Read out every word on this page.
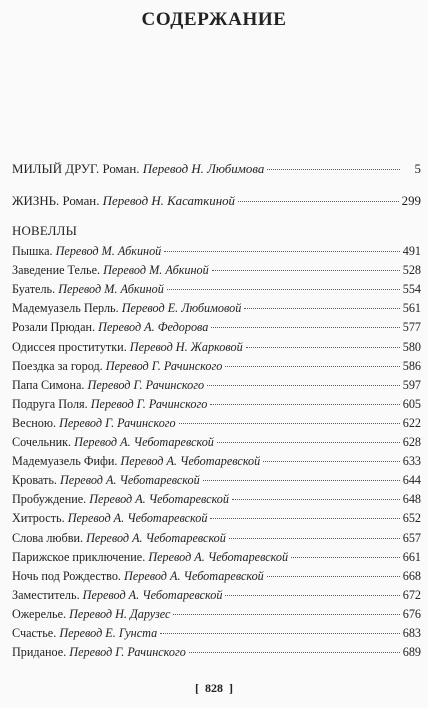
СОДЕРЖАНИЕ
МИЛЫЙ ДРУГ. Роман. Перевод Н. Любимова	5
ЖИЗНЬ. Роман. Перевод Н. Касаткиной	299
НОВЕЛЛЫ
Пышка. Перевод М. Абкиной	491
Заведение Телье. Перевод М. Абкиной	528
Буатель. Перевод М. Абкиной	554
Мадемуазель Перль. Перевод Е. Любимовой	561
Розали Прюдан. Перевод А. Федорова	577
Одиссея проститутки. Перевод Н. Жарковой	580
Поездка за город. Перевод Г. Рачинского	586
Папа Симона. Перевод Г. Рачинского	597
Подруга Поля. Перевод Г. Рачинского	605
Весною. Перевод Г. Рачинского	622
Сочельник. Перевод А. Чеботаревской	628
Мадемуазель Фифи. Перевод А. Чеботаревской	633
Кровать. Перевод А. Чеботаревской	644
Пробуждение. Перевод А. Чеботаревской	648
Хитрость. Перевод А. Чеботаревской	652
Слова любви. Перевод А. Чеботаревской	657
Парижское приключение. Перевод А. Чеботаревской	661
Ночь под Рождество. Перевод А. Чеботаревской	668
Заместитель. Перевод А. Чеботаревской	672
Ожерелье. Перевод Н. Дарузес	676
Счастье. Перевод Е. Гунста	683
Приданое. Перевод Г. Рачинского	689
[ 828 ]
